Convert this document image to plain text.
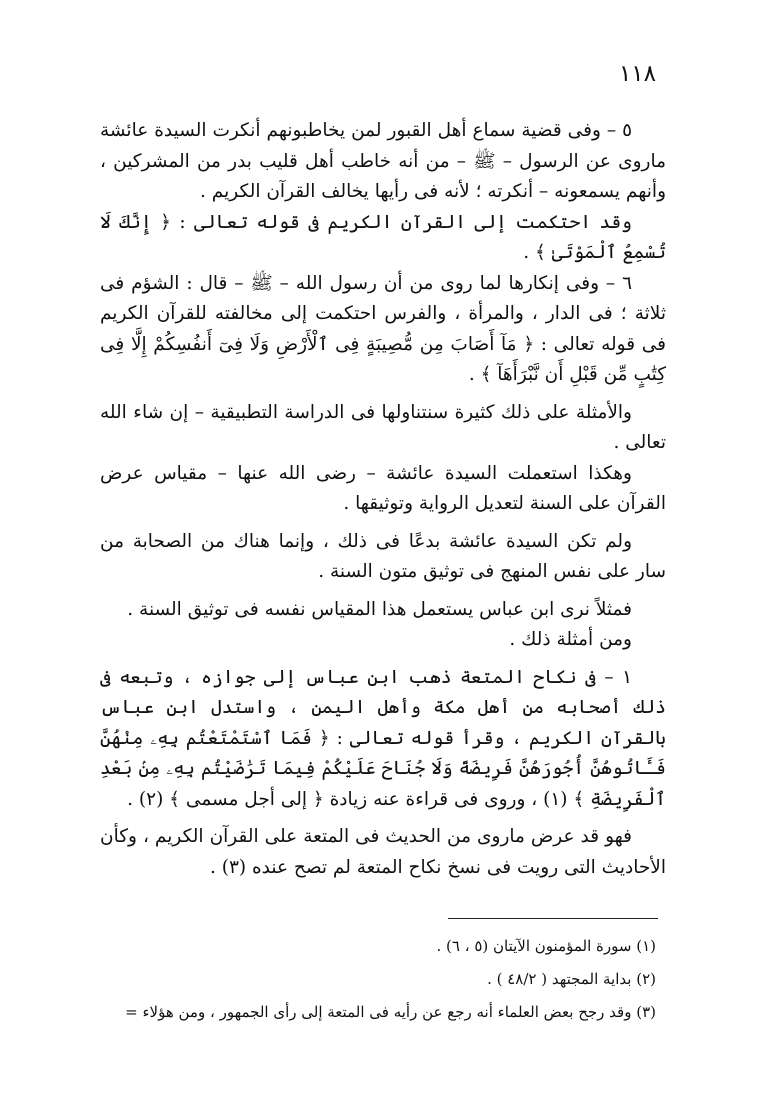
١١٨

٥ – وفى قضية سماع أهل القبور لمن يخاطبونهم أنكرت السيدة عائشة ماروى عن الرسول – ﷺ – من أنه خاطب أهل قليب بدر من المشركين ، وأنهم يسمعونه – أنكرته ؛ لأنه فى رأيها يخالف القرآن الكريم .

وقد احتكمت إلى القرآن الكريم فى قوله تعالى : ﴿ إِنَّكَ لَا تُسْمِعُ ٱلْمَوْتَىٰ ﴾ .

٦ – وفى إنكارها لما روى من أن رسول الله – ﷺ – قال : الشؤم فى ثلاثة ؛ فى الدار ، والمرأة ، والفرس احتكمت إلى مخالفته للقرآن الكريم فى قوله تعالى : ﴿ مَآ أَصَابَ مِن مُّصِيبَةٍ فِى ٱلْأَرْضِ وَلَا فِىٓ أَنفُسِكُمْ إِلَّا فِى كِتَٰبٍ مِّن قَبْلِ أَن نَّبْرَأَهَآ ﴾ .

والأمثلة على ذلك كثيرة سنتناولها فى الدراسة التطبيقية – إن شاء الله تعالى .

وهكذا استعملت السيدة عائشة – رضى الله عنها – مقياس عرض القرآن على السنة لتعديل الرواية وتوثيقها .

ولم تكن السيدة عائشة بدعًا فى ذلك ، وإنما هناك من الصحابة من سار على نفس المنهج فى توثيق متون السنة .

فمثلاً نرى ابن عباس يستعمل هذا المقياس نفسه فى توثيق السنة .

ومن أمثلة ذلك .

١ – فى نكاح المتعة ذهب ابن عباس إلى جوازه ، وتبعه فى ذلك أصحابه من أهل مكة وأهل اليمن ، واستدل ابن عباس بالقرآن الكريم ، وقرأ قوله تعالى : ﴿ فَمَا ٱسْتَمْتَعْتُم بِهِۦ مِنْهُنَّ فَـَٔاتُوهُنَّ أُجُورَهُنَّ فَرِيضَةً وَلَا جُنَاحَ عَلَيْكُمْ فِيمَا تَرَٰضَيْتُم بِهِۦ مِنۢ بَعْدِ ٱلْفَرِيضَةِ ﴾ (١) ، وروى فى قراءة عنه زيادة ﴿ إلى أجل مسمى ﴾ (٢) .

فهو قد عرض ماروى من الحديث فى المتعة على القرآن الكريم ، وكأن الأحاديث التى رويت فى نسخ نكاح المتعة لم تصح عنده (٣) .

(١) سورة المؤمنون الآيتان (٥ ، ٦) .

(٢) بداية المجتهد ( ٤٨/٢ ) .

(٣) وقد رجح بعض العلماء أنه رجع عن رأيه فى المتعة إلى رأى الجمهور ، ومن هؤلاء =
